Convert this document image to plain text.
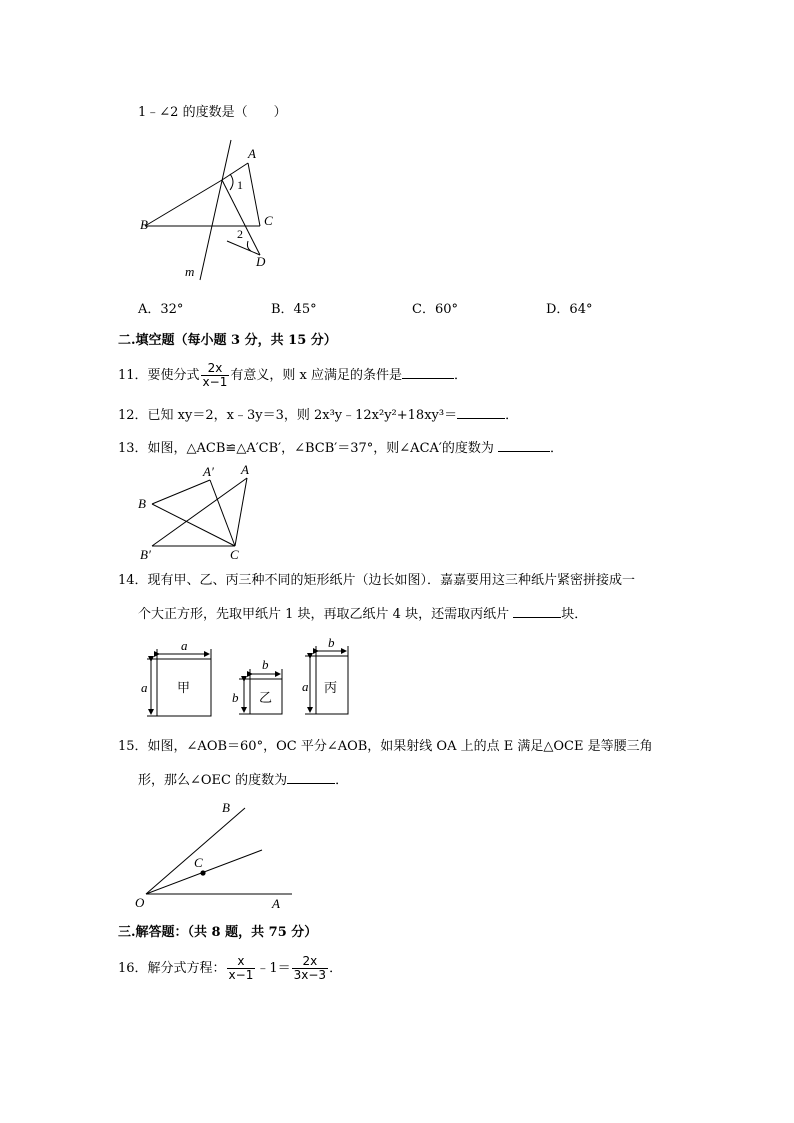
1﹣∠2 的度数是（　　）
A
B	C
D
m
1
2
A．32°	B．45°	C．60°	D．64°
二.填空题（每小题 3 分，共 15 分）
11．要使分式 $\frac{2x}{x-1}$ 有意义，则 x 应满足的条件是	．
12．已知 xy＝2，x﹣3y＝3，则 2x³y﹣12x²y²+18xy³＝	．
13．如图，△ACB≌△A′CB′，∠BCB′＝37°，则∠ACA′的度数为	．
A′ A
B
B′	C
14．现有甲、乙、丙三种不同的矩形纸片（边长如图）．嘉嘉要用这三种纸片紧密拼接成一
个大正方形，先取甲纸片 1 块，再取乙纸片 4 块，还需取丙纸片	块．
a
a 甲
b
b 乙
b
a 丙
15．如图，∠AOB＝60°，OC 平分∠AOB，如果射线 OA 上的点 E 满足△OCE 是等腰三角
形，那么∠OEC 的度数为	．
B
C
O	A
三.解答题：（共 8 题，共 75 分）
16．解分式方程： $\frac{x}{x-1}$ ﹣1＝ $\frac{2x}{3x-3}$ ．
